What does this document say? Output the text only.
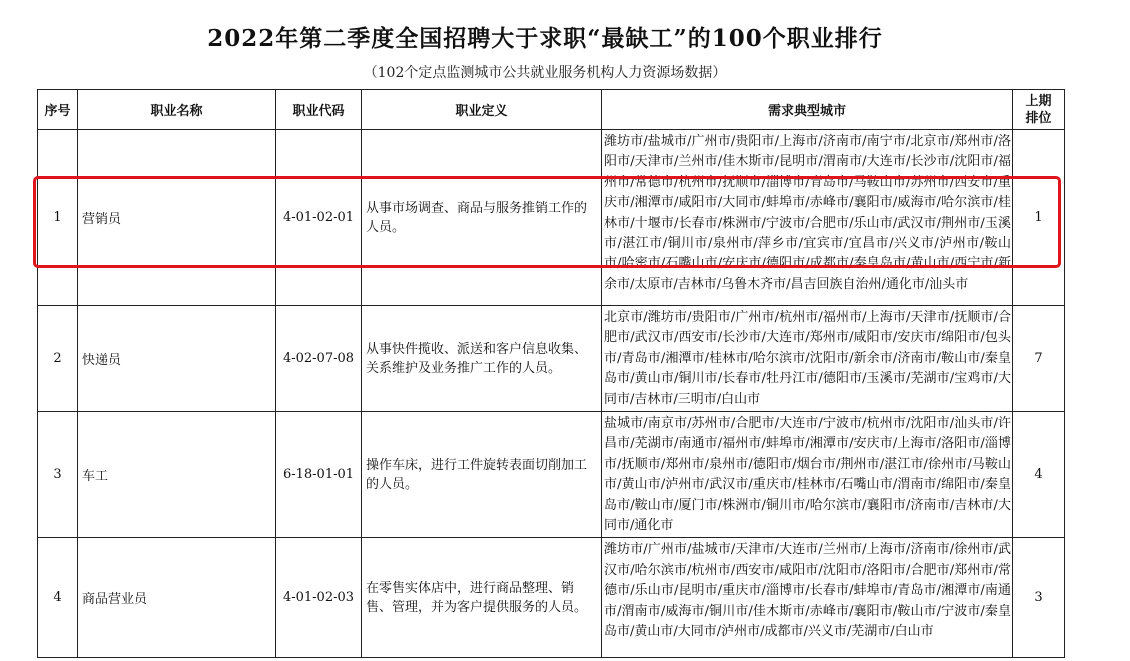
2022年第二季度全国招聘大于求职“最缺工”的100个职业排行
（102个定点监测城市公共就业服务机构人力资源场数据）
序号	职业名称	职业代码	职业定义	需求典型城市	上期排位
1	营销员	4-01-02-01	从事市场调查、商品与服务推销工作的人员。	潍坊市/盐城市/广州市/贵阳市/上海市/济南市/南宁市/北京市/郑州市/洛阳市/天津市/兰州市/佳木斯市/昆明市/渭南市/大连市/长沙市/沈阳市/福州市/常德市/杭州市/抚顺市/淄博市/青岛市/马鞍山市/苏州市/西安市/重庆市/湘潭市/咸阳市/大同市/蚌埠市/赤峰市/襄阳市/威海市/哈尔滨市/桂林市/十堰市/长春市/株洲市/宁波市/合肥市/乐山市/武汉市/荆州市/玉溪市/湛江市/铜川市/泉州市/萍乡市/宜宾市/宜昌市/兴义市/泸州市/鞍山市/哈密市/石嘴山市/安庆市/德阳市/成都市/秦皇岛市/黄山市/西宁市/新余市/太原市/吉林市/乌鲁木齐市/昌吉回族自治州/通化市/汕头市	1
2	快递员	4-02-07-08	从事快件揽收、派送和客户信息收集、关系维护及业务推广工作的人员。	北京市/潍坊市/贵阳市/广州市/杭州市/福州市/上海市/天津市/抚顺市/合肥市/武汉市/西安市/长沙市/大连市/郑州市/咸阳市/安庆市/绵阳市/包头市/青岛市/湘潭市/桂林市/哈尔滨市/沈阳市/新余市/济南市/鞍山市/秦皇岛市/黄山市/铜川市/长春市/牡丹江市/德阳市/玉溪市/芜湖市/宝鸡市/大同市/吉林市/三明市/白山市	7
3	车工	6-18-01-01	操作车床，进行工件旋转表面切削加工的人员。	盐城市/南京市/苏州市/合肥市/大连市/宁波市/杭州市/沈阳市/汕头市/许昌市/芜湖市/南通市/福州市/蚌埠市/湘潭市/安庆市/上海市/洛阳市/淄博市/抚顺市/郑州市/泉州市/德阳市/烟台市/荆州市/湛江市/徐州市/马鞍山市/黄山市/泸州市/武汉市/重庆市/桂林市/石嘴山市/渭南市/绵阳市/秦皇岛市/鞍山市/厦门市/株洲市/铜川市/哈尔滨市/襄阳市/济南市/吉林市/大同市/通化市	4
4	商品营业员	4-01-02-03	在零售实体店中，进行商品整理、销售、管理，并为客户提供服务的人员。	潍坊市/广州市/盐城市/天津市/大连市/兰州市/上海市/济南市/徐州市/武汉市/哈尔滨市/杭州市/西安市/咸阳市/沈阳市/洛阳市/合肥市/郑州市/常德市/乐山市/昆明市/重庆市/淄博市/长春市/蚌埠市/青岛市/湘潭市/南通市/渭南市/威海市/铜川市/佳木斯市/赤峰市/襄阳市/鞍山市/宁波市/秦皇岛市/黄山市/大同市/泸州市/成都市/兴义市/芜湖市/白山市	3
